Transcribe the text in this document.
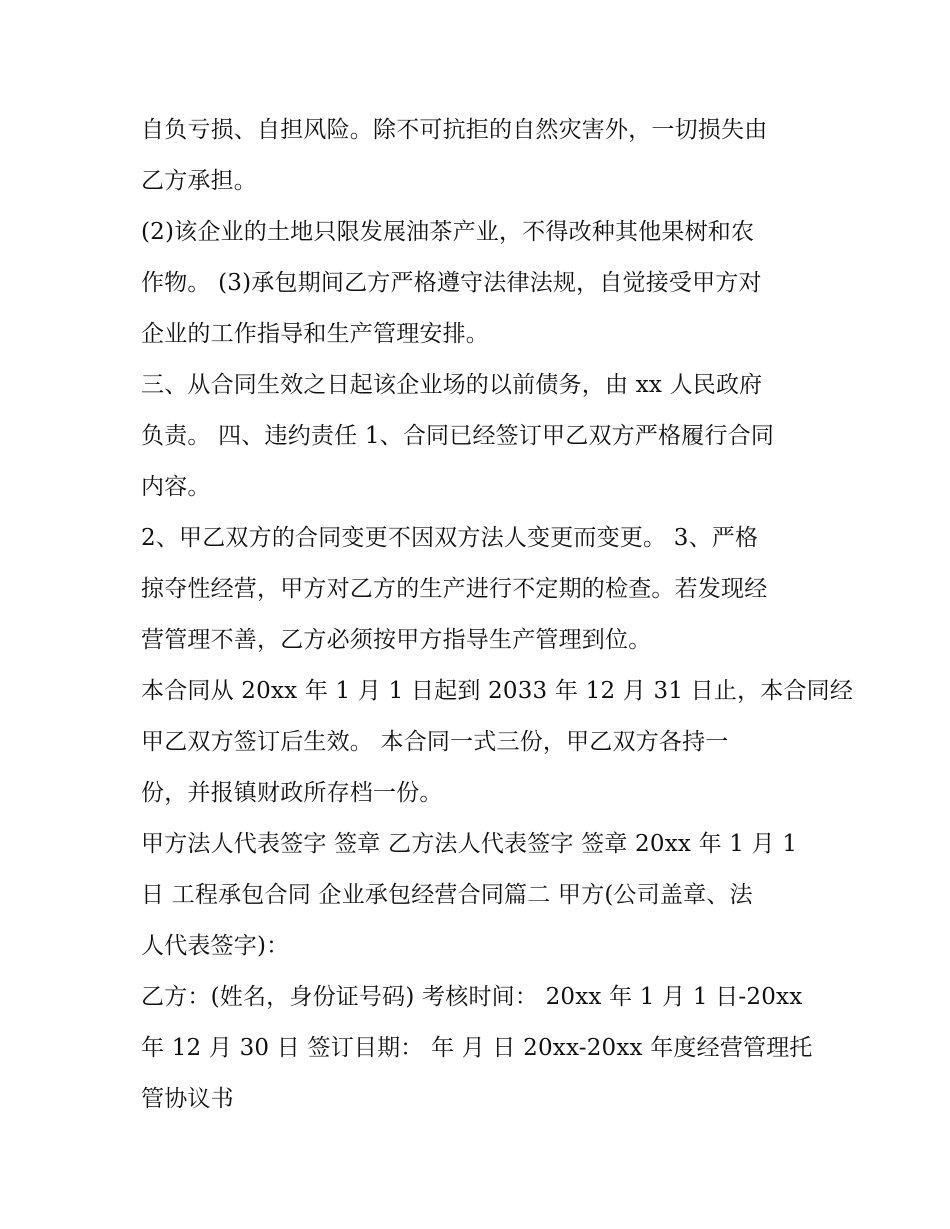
自负亏损、自担风险。除不可抗拒的自然灾害外，一切损失由
乙方承担。
(2)该企业的土地只限发展油茶产业，不得改种其他果树和农
作物。 (3)承包期间乙方严格遵守法律法规，自觉接受甲方对
企业的工作指导和生产管理安排。
三、从合同生效之日起该企业场的以前债务，由 xx 人民政府
负责。 四、违约责任 1、合同已经签订甲乙双方严格履行合同
内容。
2、甲乙双方的合同变更不因双方法人变更而变更。 3、严格
掠夺性经营，甲方对乙方的生产进行不定期的检查。若发现经
营管理不善，乙方必须按甲方指导生产管理到位。
本合同从 20xx 年 1 月 1 日起到 2033 年 12 月 31 日止，本合同经
甲乙双方签订后生效。 本合同一式三份，甲乙双方各持一
份，并报镇财政所存档一份。
甲方法人代表签字 签章 乙方法人代表签字 签章 20xx 年 1 月 1
日 工程承包合同 企业承包经营合同篇二 甲方(公司盖章、法
人代表签字)：
乙方：(姓名，身份证号码) 考核时间： 20xx 年 1 月 1 日-20xx
年 12 月 30 日 签订目期： 年 月 日 20xx-20xx 年度经营管理托
管协议书
